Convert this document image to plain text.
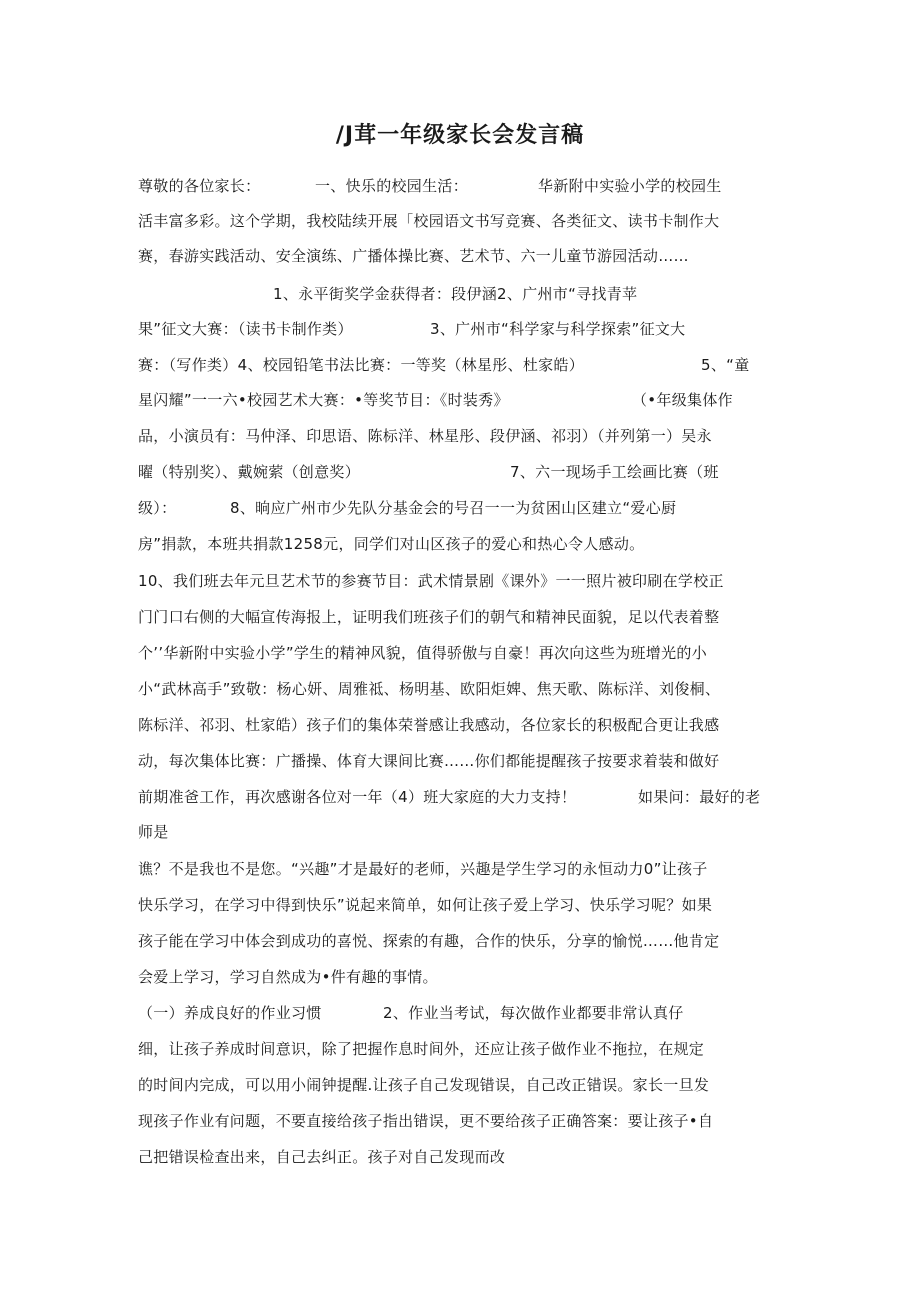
/J茸一年级家长会发言稿
尊敬的各位家长：	一、快乐的校园生活：	华新附中实验小学的校园生
活丰富多彩。这个学期，我校陆续开展「校园语文书写竞赛、各类征文、读书卡制作大
赛，春游实践活动、安全演练、广播体操比赛、艺术节、六一儿童节游园活动……
1、永平街奖学金获得者：段伊涵2、广州市“寻找青苹
果”征文大赛：（读书卡制作类）	3、广州市“科学家与科学探索”征文大
赛：（写作类）4、校园铅笔书法比赛：一等奖（林星彤、杜家皓）	5、“童
星闪耀”一一六•校园艺术大赛：•等奖节目：《时装秀》	（•年级集体作
品，小演员有：马仲泽、印思语、陈标洋、林星彤、段伊涵、祁羽）（并列第一）吴永
曜（特别奖）、戴婉萦（创意奖）	7、六一现场手工绘画比赛（班
级）：	8、晌应广州市少先队分基金会的号召一一为贫困山区建立“爱心厨
房”捐款，本班共捐款1258元，同学们对山区孩子的爱心和热心令人感动。
10、我们班去年元旦艺术节的参赛节目：武术情景剧《课外》一一照片被印刷在学校正
门门口右侧的大幅宣传海报上，证明我们班孩子们的朝气和精神民面貌，足以代表着整
个’’华新附中实验小学”学生的精神风貌，值得骄傲与自豪！再次向这些为班增光的小
小“武林高手”致敬：杨心妍、周雅祗、杨明基、欧阳炬婢、焦天歌、陈标洋、刘俊桐、
陈标洋、祁羽、杜家皓）孩子们的集体荣誉感让我感动，各位家长的积极配合更让我感
动，每次集体比赛：广播操、体育大课间比赛……你们都能提醒孩子按要求着装和做好
前期准爸工作，再次感谢各位对一年（4）班大家庭的大力支持！	如果问：最好的老
师是
谯？不是我也不是您。“兴趣”才是最好的老师，兴趣是学生学习的永恒动力0”让孩子
快乐学习，在学习中得到快乐”说起来简单，如何让孩子爱上学习、快乐学习呢？如果
孩子能在学习中体会到成功的喜悦、探索的有趣，合作的快乐，分享的愉悦……他肯定
会爱上学习，学习自然成为•件有趣的事情。
（一）养成良好的作业习惯	2、作业当考试，每次做作业都要非常认真仔
细，让孩子养成时间意识，除了把握作息时间外，还应让孩子做作业不拖拉，在规定
的时间内完成，可以用小闹钟提醒.让孩子自己发现错误，自己改正错误。家长一旦发
现孩子作业有问题，不要直接给孩子指出错误，更不要给孩子正确答案：要让孩子•自
己把错误检查出来，自己去纠正。孩子对自己发现而改
